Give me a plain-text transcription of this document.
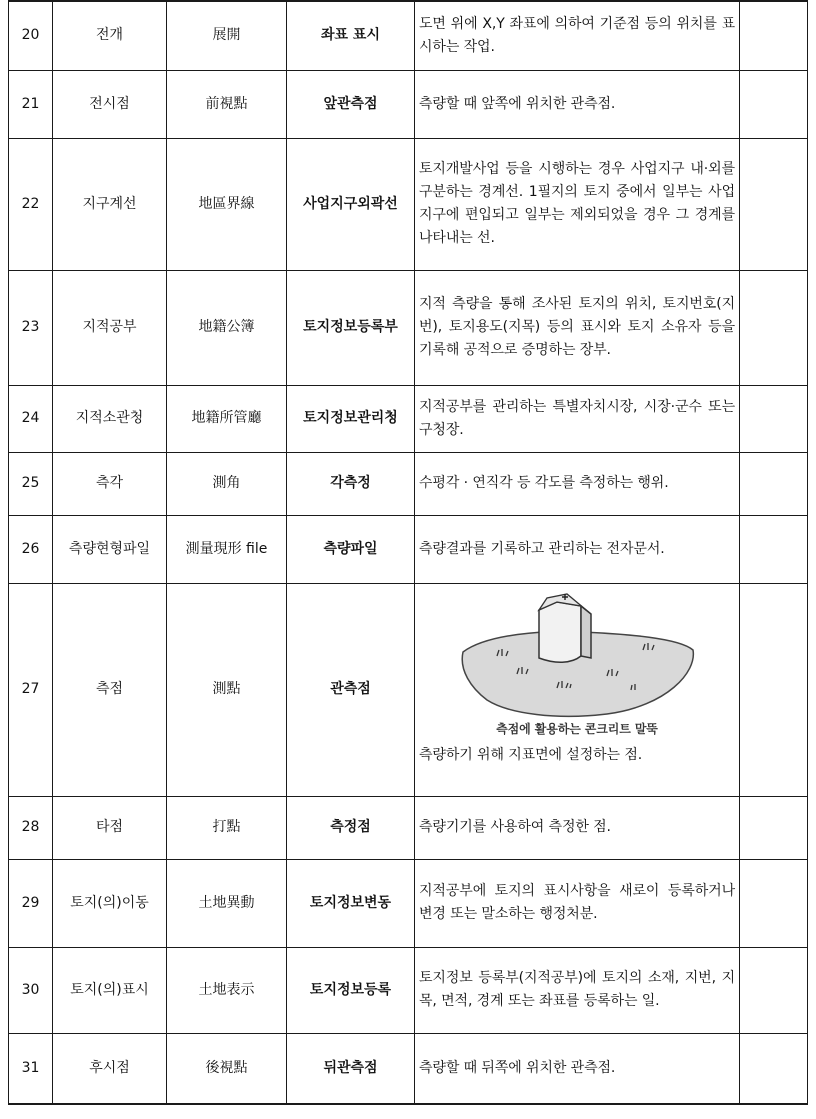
20	전개	展開	좌표 표시	도면 위에 X,Y 좌표에 의하여 기준점 등의 위치를 표시하는 작업.	
21	전시점	前視點	앞관측점	측량할 때 앞쪽에 위치한 관측점.	
22	지구계선	地區界線	사업지구외곽선	토지개발사업 등을 시행하는 경우 사업지구 내·외를 구분하는 경계선. 1필지의 토지 중에서 일부는 사업지구에 편입되고 일부는 제외되었을 경우 그 경계를 나타내는 선.	
23	지적공부	地籍公簿	토지정보등록부	지적 측량을 통해 조사된 토지의 위치, 토지번호(지번), 토지용도(지목) 등의 표시와 토지 소유자 등을 기록해 공적으로 증명하는 장부.	
24	지적소관청	地籍所管廳	토지정보관리청	지적공부를 관리하는 특별자치시장, 시장·군수 또는 구청장.	
25	측각	測角	각측정	수평각 · 연직각 등 각도를 측정하는 행위.	
26	측량현형파일	測量現形 file	측량파일	측량결과를 기록하고 관리하는 전자문서.	
27	측점	測點	관측점	측점에 활용하는 콘크리트 말뚝
측량하기 위해 지표면에 설정하는 점.	

28	타점	打點	측정점	측량기기를 사용하여 측정한 점.	
29	토지(의)이동	土地異動	토지정보변동	지적공부에 토지의 표시사항을 새로이 등록하거나 변경 또는 말소하는 행정처분.	
30	토지(의)표시	土地表示	토지정보등록	토지정보 등록부(지적공부)에 토지의 소재, 지번, 지목, 면적, 경계 또는 좌표를 등록하는 일.	
31	후시점	後視點	뒤관측점	측량할 때 뒤쪽에 위치한 관측점.	
